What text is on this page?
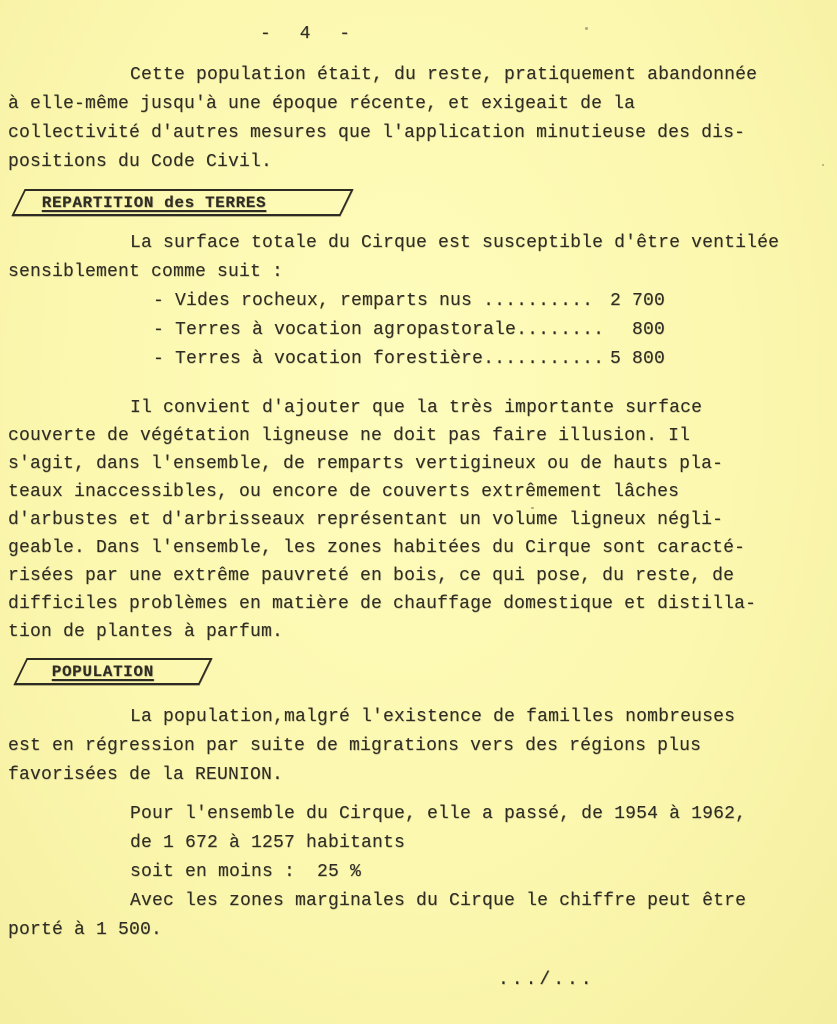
- 4 -
Cette population était, du reste, pratiquement abandonnée
à elle-même jusqu'à une époque récente, et exigeait de la
collectivité d'autres mesures que l'application minutieuse des dis-
positions du Code Civil.
REPARTITION des TERRES
La surface totale du Cirque est susceptible d'être ventilée
sensiblement comme suit :
- Vides rocheux, remparts nus .......... 2 700
- Terres à vocation agropastorale........ 800
- Terres à vocation forestière........... 5 800
Il convient d'ajouter que la très importante surface
couverte de végétation ligneuse ne doit pas faire illusion. Il
s'agit, dans l'ensemble, de remparts vertigineux ou de hauts pla-
teaux inaccessibles, ou encore de couverts extrêmement lâches
d'arbustes et d'arbrisseaux représentant un volume ligneux négli-
geable. Dans l'ensemble, les zones habitées du Cirque sont caracté-
risées par une extrême pauvreté en bois, ce qui pose, du reste, de
difficiles problèmes en matière de chauffage domestique et distilla-
tion de plantes à parfum.
POPULATION
La population,malgré l'existence de familles nombreuses
est en régression par suite de migrations vers des régions plus
favorisées de la REUNION.
Pour l'ensemble du Cirque, elle a passé, de 1954 à 1962,
de 1 672 à 1257 habitants
soit en moins :  25 %
Avec les zones marginales du Cirque le chiffre peut être
porté à 1 500.
.../...
